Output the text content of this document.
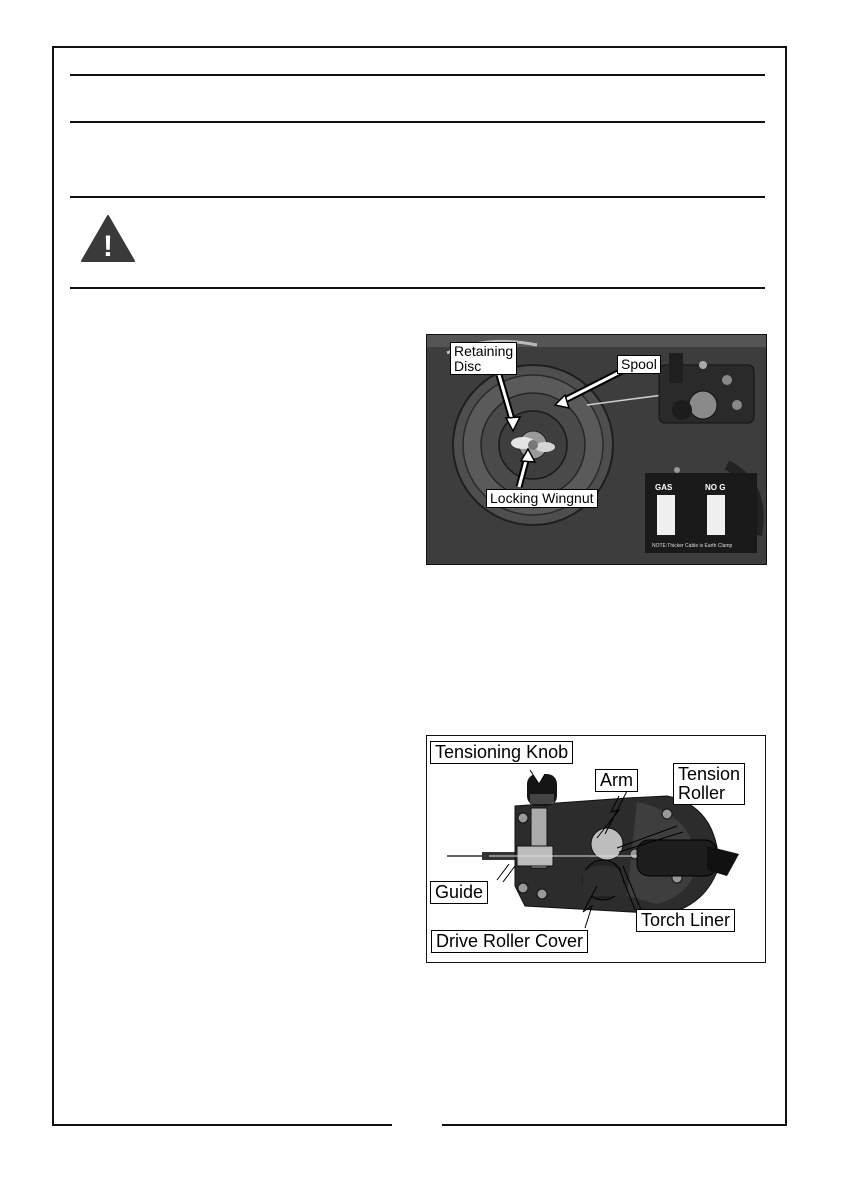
!
GAS	NO G
NOTE:Thicker Cable is Earth Clamp
Retaining
Disc	Spool
Locking Wingnut
Tensioning Knob
Arm	Tension
Roller
Guide
Torch Liner
Drive Roller Cover
